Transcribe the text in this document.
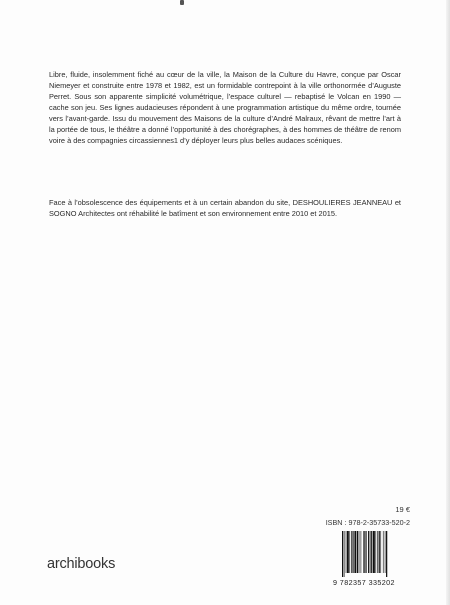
Libre, fluide, insolemment fiché au cœur de la ville, la Maison de la Culture du Havre, conçue par Oscar Niemeyer et construite entre 1978 et 1982, est un formidable contrepoint à la ville orthonormée d’Auguste Perret. Sous son apparente simplicité volumétrique, l’espace culturel — rebaptisé le Volcan en 1990 — cache son jeu. Ses lignes audacieuses répondent à une programmation artistique du même ordre, tournée vers l’avant-garde. Issu du mouvement des Maisons de la culture d’André Malraux, rêvant de mettre l’art à la portée de tous, le théâtre a donné l’opportunité à des chorégraphes, à des hommes de théâtre de renom voire à des compagnies circassiennes1 d’y déployer leurs plus belles audaces scéniques.

Face à l’obsolescence des équipements et à un certain abandon du site, DESHOULIERES JEANNEAU et SOGNO Architectes ont réhabilité le batîment et son environnement entre 2010 et 2015.

19 €
ISBN : 978-2-35733-520-2
9 782357 335202
archibooks
